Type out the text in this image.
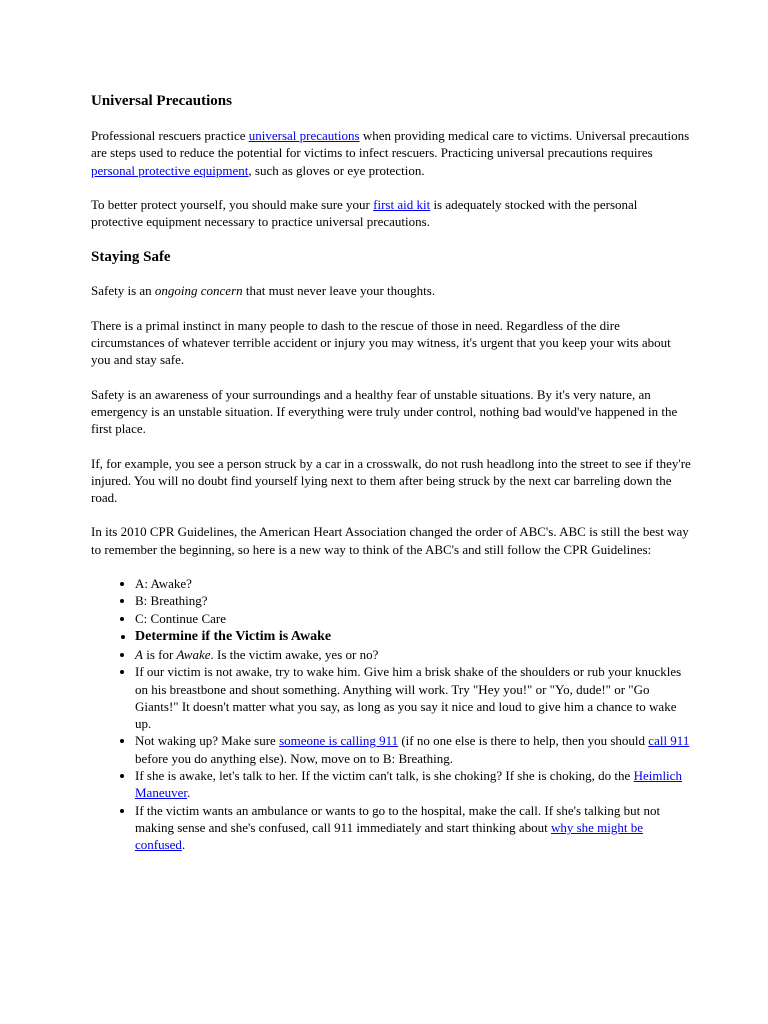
Universal Precautions

Professional rescuers practice universal precautions when providing medical care to victims. Universal precautions are steps used to reduce the potential for victims to infect rescuers. Practicing universal precautions requires personal protective equipment, such as gloves or eye protection.

To better protect yourself, you should make sure your first aid kit is adequately stocked with the personal protective equipment necessary to practice universal precautions.

Staying Safe

Safety is an ongoing concern that must never leave your thoughts.

There is a primal instinct in many people to dash to the rescue of those in need. Regardless of the dire circumstances of whatever terrible accident or injury you may witness, it's urgent that you keep your wits about you and stay safe.

Safety is an awareness of your surroundings and a healthy fear of unstable situations. By it's very nature, an emergency is an unstable situation. If everything were truly under control, nothing bad would've happened in the first place.

If, for example, you see a person struck by a car in a crosswalk, do not rush headlong into the street to see if they're injured. You will no doubt find yourself lying next to them after being struck by the next car barreling down the road.

In its 2010 CPR Guidelines, the American Heart Association changed the order of ABC's. ABC is still the best way to remember the beginning, so here is a new way to think of the ABC's and still follow the CPR Guidelines:

• A: Awake?
• B: Breathing?
• C: Continue Care
• Determine if the Victim is Awake
• A is for Awake. Is the victim awake, yes or no?
• If our victim is not awake, try to wake him. Give him a brisk shake of the shoulders or rub your knuckles on his breastbone and shout something. Anything will work. Try "Hey you!" or "Yo, dude!" or "Go Giants!" It doesn't matter what you say, as long as you say it nice and loud to give him a chance to wake up.
• Not waking up? Make sure someone is calling 911 (if no one else is there to help, then you should call 911 before you do anything else). Now, move on to B: Breathing.
• If she is awake, let's talk to her. If the victim can't talk, is she choking? If she is choking, do the Heimlich Maneuver.
• If the victim wants an ambulance or wants to go to the hospital, make the call. If she's talking but not making sense and she's confused, call 911 immediately and start thinking about why she might be confused.
